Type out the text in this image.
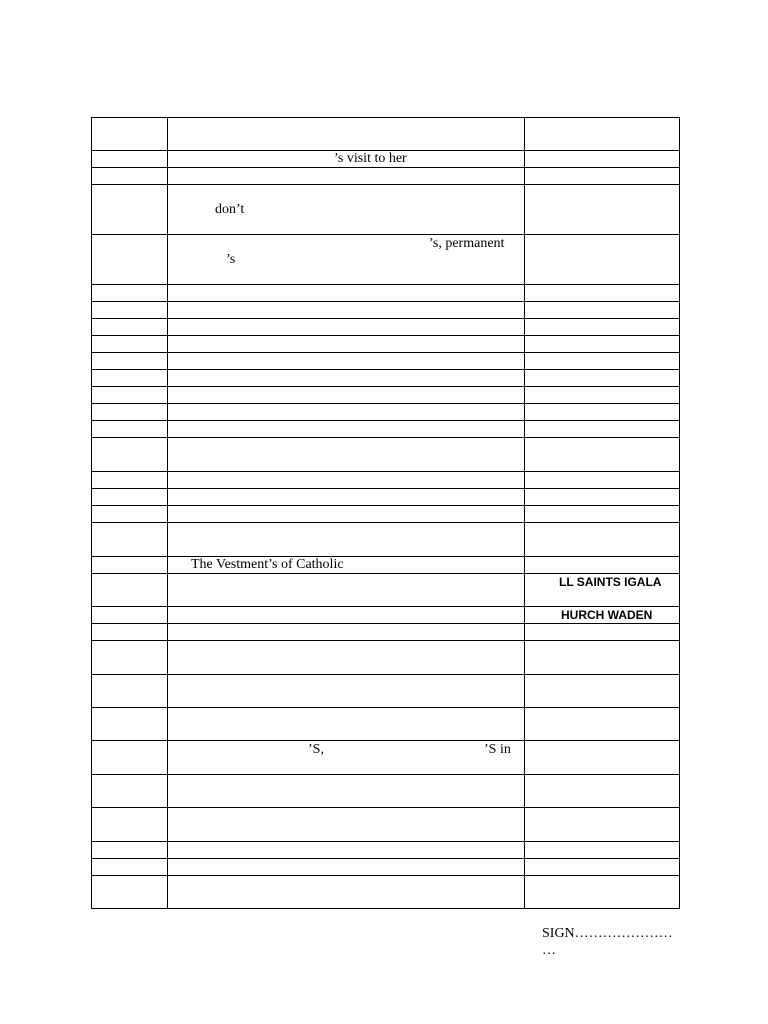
	’s visit to her	

	don’t	

	’s, permanent
’s	

	The Vestment’s of Catholic	

		LL SAINTS IGALA

		HURCH WADEN

	’S, ’S in	

SIGN…………………
…
